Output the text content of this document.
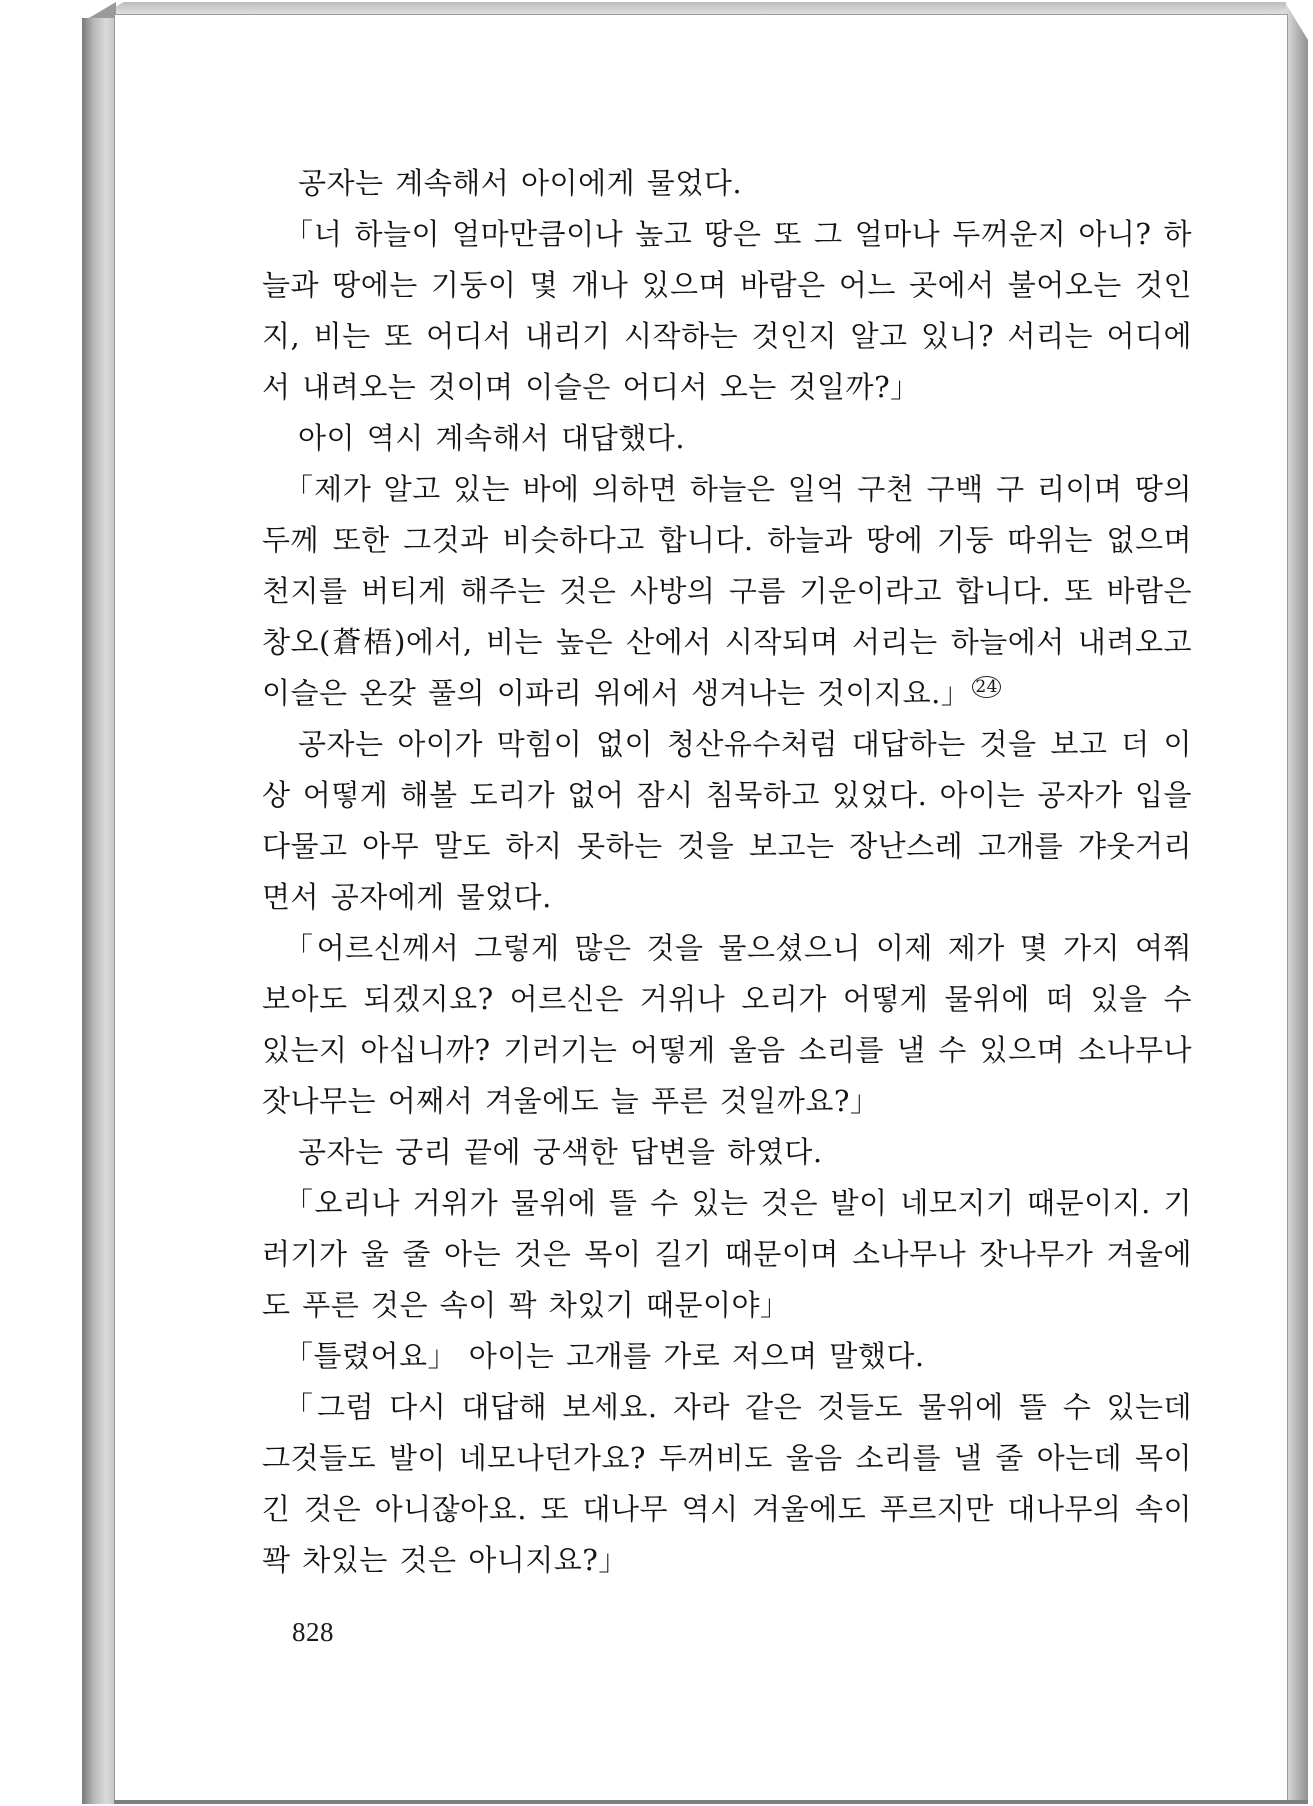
공자는 계속해서 아이에게 물었다.

「너 하늘이 얼마만큼이나 높고 땅은 또 그 얼마나 두꺼운지 아니? 하늘과 땅에는 기둥이 몇 개나 있으며 바람은 어느 곳에서 불어오는 것인지, 비는 또 어디서 내리기 시작하는 것인지 알고 있니? 서리는 어디에서 내려오는 것이며 이슬은 어디서 오는 것일까?」

아이 역시 계속해서 대답했다.

「제가 알고 있는 바에 의하면 하늘은 일억 구천 구백 구 리이며 땅의 두께 또한 그것과 비슷하다고 합니다. 하늘과 땅에 기둥 따위는 없으며 천지를 버티게 해주는 것은 사방의 구름 기운이라고 합니다. 또 바람은 창오(蒼梧)에서, 비는 높은 산에서 시작되며 서리는 하늘에서 내려오고 이슬은 온갖 풀의 이파리 위에서 생겨나는 것이지요.」 $^{24}$

공자는 아이가 막힘이 없이 청산유수처럼 대답하는 것을 보고 더 이상 어떻게 해볼 도리가 없어 잠시 침묵하고 있었다. 아이는 공자가 입을 다물고 아무 말도 하지 못하는 것을 보고는 장난스레 고개를 갸웃거리면서 공자에게 물었다.

「어르신께서 그렇게 많은 것을 물으셨으니 이제 제가 몇 가지 여쭤 보아도 되겠지요? 어르신은 거위나 오리가 어떻게 물위에 떠 있을 수 있는지 아십니까? 기러기는 어떻게 울음 소리를 낼 수 있으며 소나무나 잣나무는 어째서 겨울에도 늘 푸른 것일까요?」

공자는 궁리 끝에 궁색한 답변을 하였다.

「오리나 거위가 물위에 뜰 수 있는 것은 발이 네모지기 때문이지. 기러기가 울 줄 아는 것은 목이 길기 때문이며 소나무나 잣나무가 겨울에도 푸른 것은 속이 꽉 차있기 때문이야」

「틀렸어요」 아이는 고개를 가로 저으며 말했다.

「그럼 다시 대답해 보세요. 자라 같은 것들도 물위에 뜰 수 있는데 그것들도 발이 네모나던가요? 두꺼비도 울음 소리를 낼 줄 아는데 목이 긴 것은 아니잖아요. 또 대나무 역시 겨울에도 푸르지만 대나무의 속이 꽉 차있는 것은 아니지요?」

828
